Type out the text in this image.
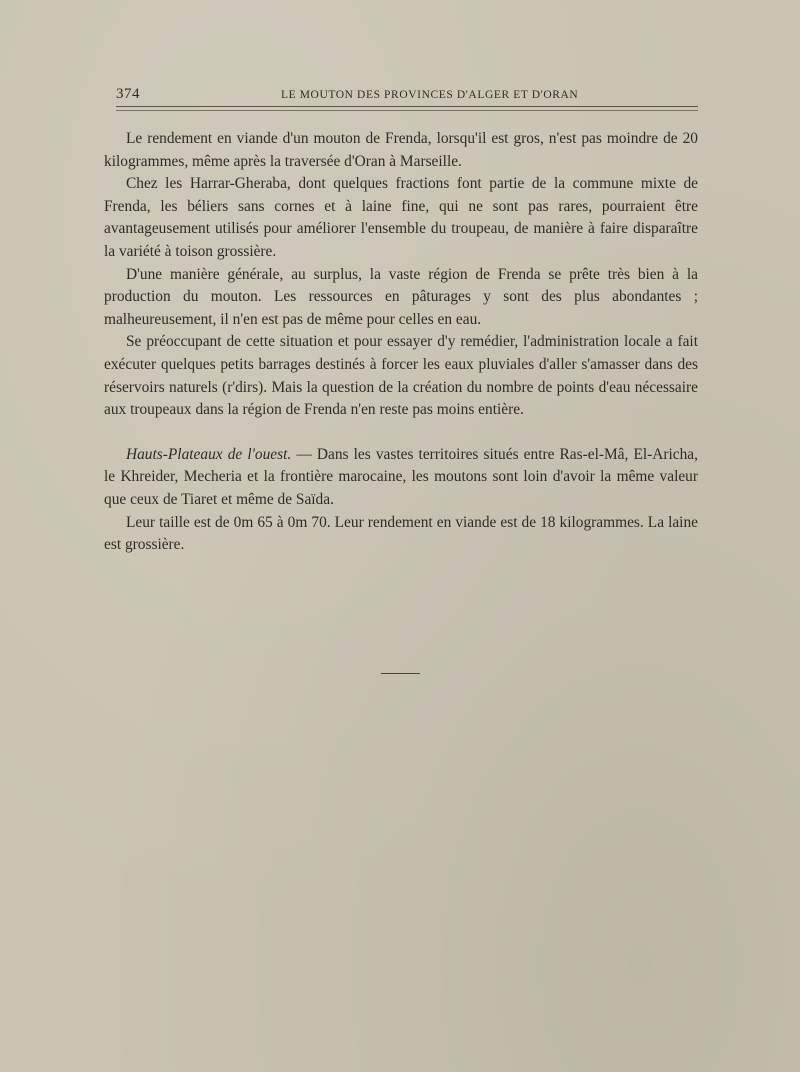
374	LE MOUTON DES PROVINCES D'ALGER ET D'ORAN

Le rendement en viande d'un mouton de Frenda, lorsqu'il est gros, n'est pas moindre de 20 kilogrammes, même après la traversée d'Oran à Marseille.

Chez les Harrar-Gheraba, dont quelques fractions font partie de la commune mixte de Frenda, les béliers sans cornes et à laine fine, qui ne sont pas rares, pourraient être avantageusement utilisés pour améliorer l'ensemble du troupeau, de manière à faire disparaître la variété à toison grossière.

D'une manière générale, au surplus, la vaste région de Frenda se prête très bien à la production du mouton. Les ressources en pâturages y sont des plus abondantes ; malheureusement, il n'en est pas de même pour celles en eau.

Se préoccupant de cette situation et pour essayer d'y remédier, l'administration locale a fait exécuter quelques petits barrages destinés à forcer les eaux pluviales d'aller s'amasser dans des réservoirs naturels (r'dirs). Mais la question de la création du nombre de points d'eau nécessaire aux troupeaux dans la région de Frenda n'en reste pas moins entière.

Hauts-Plateaux de l'ouest. — Dans les vastes territoires situés entre Ras-el-Mâ, El-Aricha, le Khreider, Mecheria et la frontière marocaine, les moutons sont loin d'avoir la même valeur que ceux de Tiaret et même de Saïda.

Leur taille est de 0m 65 à 0m 70. Leur rendement en viande est de 18 kilogrammes. La laine est grossière.
